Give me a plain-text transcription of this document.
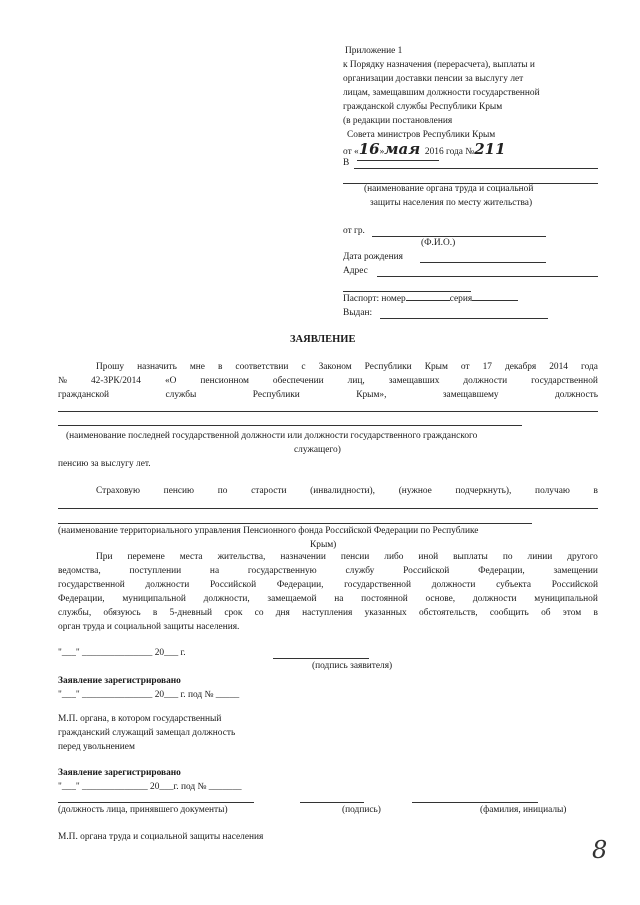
Приложение 1
к Порядку назначения (перерасчета), выплаты и
организации доставки пенсии за выслугу лет
лицам, замещавшим должности государственной
гражданской службы Республики Крым
(в редакции постановления
Совета министров Республики Крым
от «16»мая 2016 года №211
В
(наименование органа труда и социальной
защиты населения по месту жительства)
от гр.
(Ф.И.О.)
Дата рождения
Адрес
Паспорт: номер	серия
Выдан:
ЗАЯВЛЕНИЕ
Прошу назначить мне в соответствии с Законом Республики Крым от 17 декабря 2014 года
№	42-ЗРК/2014	«О	пенсионном	обеспечении	лиц,	замещавших	должности	государственной
гражданской	службы	Республики	Крым»,	замещавшему	должность
(наименование последней государственной должности или должности государственного гражданского
служащего)
пенсию за выслугу лет.
Страховую	пенсию	по	старости	(инвалидности),	(нужное	подчеркнуть),	получаю	в
(наименование территориального управления Пенсионного фонда Российской Федерации по Республике
Крым)
При перемене места жительства, назначении пенсии либо иной выплаты по линии другого
ведомства,	поступлении	на	государственную	службу	Российской	Федерации,	замещении
государственной должности Российской Федерации, государственной должности субъекта Российской
Федерации, муниципальной должности, замещаемой на постоянной основе, должности муниципальной
службы, обязуюсь в 5-дневный срок со дня наступления указанных обстоятельств, сообщить об этом в
орган труда и социальной защиты населения.
"___" _______________ 20___ г.
(подпись заявителя)
Заявление зарегистрировано
"___" _______________ 20___ г. под № _____
М.П. органа, в котором государственный
гражданский служащий замещал должность
перед увольнением
Заявление зарегистрировано
"___" ______________ 20___г. под № _______
(должность лица, принявшего документы)	(подпись)	(фамилия, инициалы)
М.П. органа труда и социальной защиты населения	8
